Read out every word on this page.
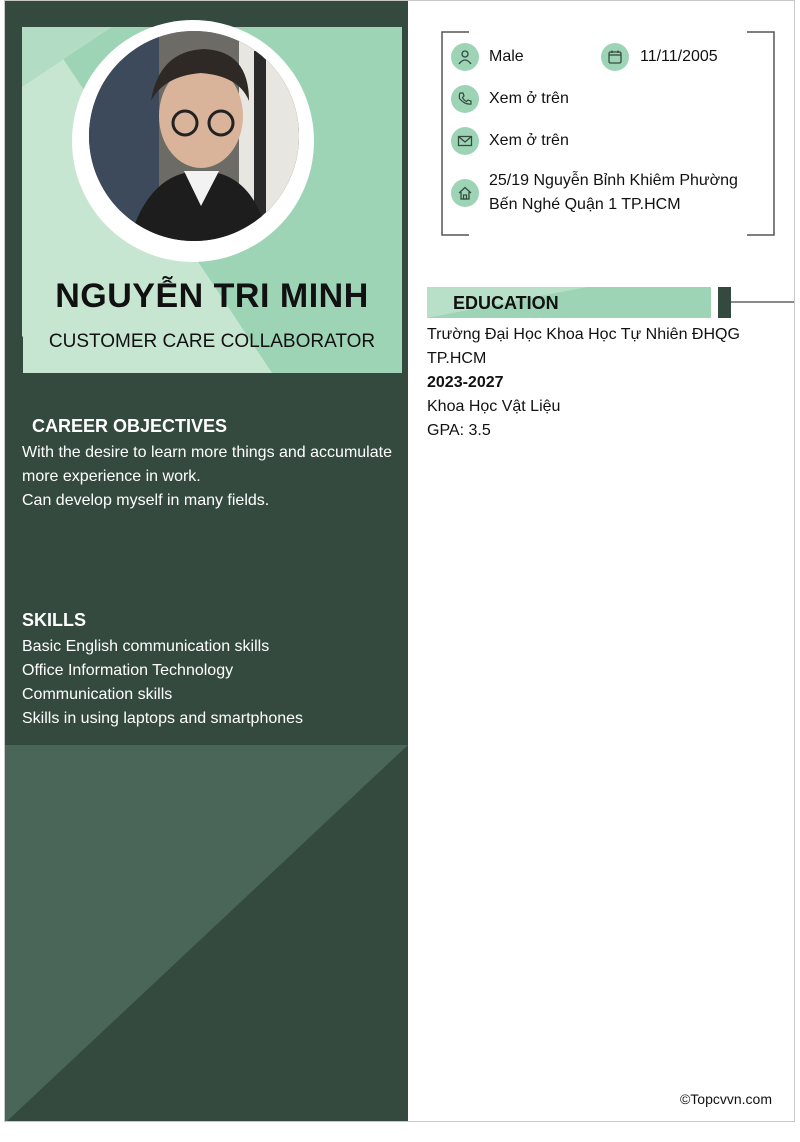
NGUYỄN TRI MINH
CUSTOMER CARE COLLABORATOR
CAREER OBJECTIVES
With the desire to learn more things and accumulate
more experience in work.
Can develop myself in many fields.
SKILLS
Basic English communication skills
Office Information Technology
Communication skills
Skills in using laptops and smartphones
Male	11/11/2005
Xem ở trên
Xem ở trên
25/19 Nguyễn Bỉnh Khiêm Phường
Bến Nghé Quận 1 TP.HCM
EDUCATION
Trường Đại Học Khoa Học Tự Nhiên ĐHQG
TP.HCM
2023-2027
Khoa Học Vật Liệu
GPA: 3.5
©Topcvvn.com
